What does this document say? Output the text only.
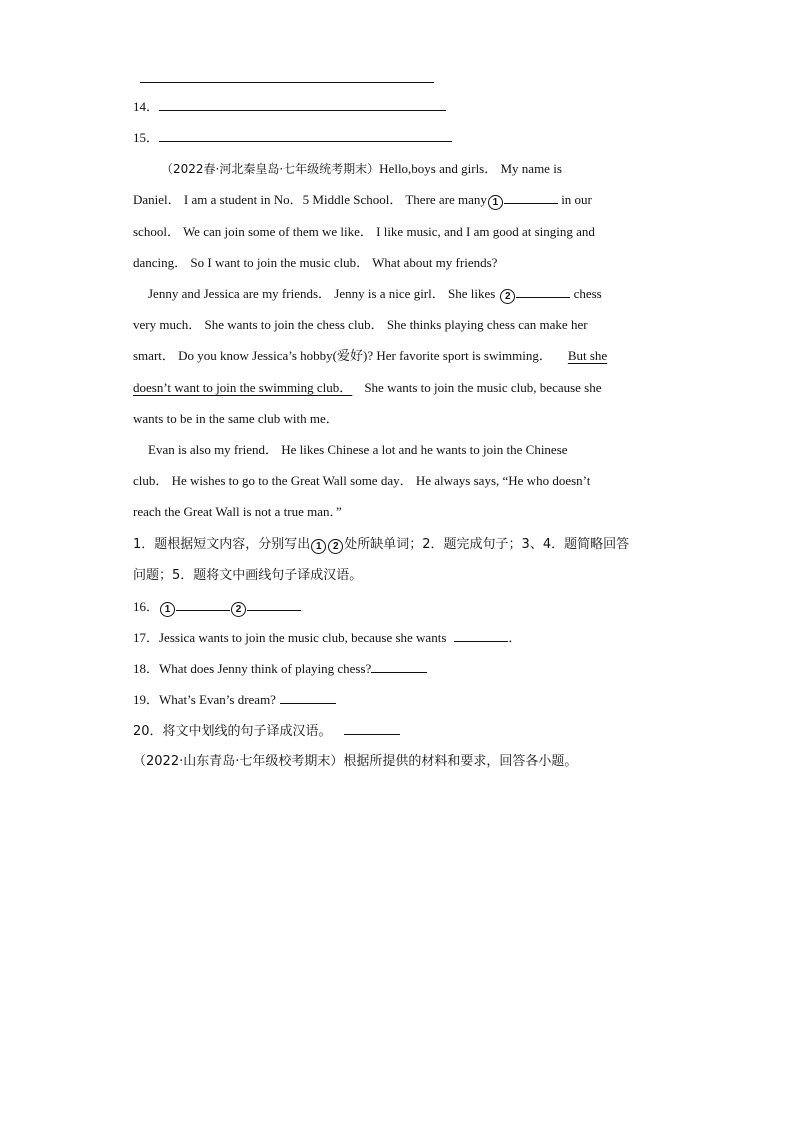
14．
15．
（2022春·河北秦皇岛·七年级统考期末）Hello,boys and girls． My name is
Daniel． I am a student in No．5 Middle School． There are many 1	in our
school． We can join some of them we like． I like music, and I am good at singing and
dancing． So I want to join the music club． What about my friends?
Jenny and Jessica are my friends． Jenny is a nice girl． She likes 2	chess
very much． She wants to join the chess club． She thinks playing chess can make her
smart． Do you know Jessica’s hobby(爱好)? Her favorite sport is swimming． But she
doesn’t want to join the swimming club． She wants to join the music club, because she
wants to be in the same club with me．
Evan is also my friend． He likes Chinese a lot and he wants to join the Chinese
club． He wishes to go to the Great Wall some day． He always says, “He who doesn’t
reach the Great Wall is not a true man．”
1．题根据短文内容，分别写出 1 2 处所缺单词；2．题完成句子；3、4．题简略回答
问题；5．题将文中画线句子译成汉语。
16． 1	2
17．Jessica wants to join the music club, because she wants	．
18．What does Jenny think of playing chess?
19．What’s Evan’s dream?
20．将文中划线的句子译成汉语。
（2022·山东青岛·七年级校考期末）根据所提供的材料和要求，回答各小题。
